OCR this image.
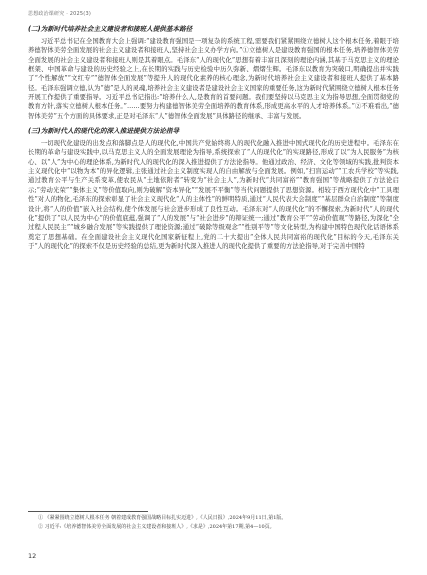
思想政治课研究 · 2025(3)
(二)为新时代培养社会主义建设者和接班人提供基本路径

习近平总书记在全国教育大会上强调:“建设教育强国是一项复杂的系统工程,需要我们紧紧围绕立德树人这个根本任务,着眼于培养德智体美劳全面发展的社会主义建设者和接班人,坚持社会主义办学方向。”①立德树人是建设教育强国的根本任务,培养德智体美劳全面发展的社会主义建设者和接班人则是其着眼点。毛泽东“人的现代化”思想有着丰富且深刻的理论内涵,其基于马克思主义的理论框架、中国革命与建设的历史经验之上,在长期的实践与历史检验中历久弥新、熠熠生辉。毛泽东以教育为突破口,明确提出并实践了“个性解放”“文红专”“德智体全面发展”等提升人的现代化素养的核心理念,为新时代培养社会主义建设者和接班人提供了基本路径。毛泽东强调立德,认为“德”是人的灵魂,培养社会主义建设者是建设社会主义国家的重要任务,这为新时代紧围绕立德树人根本任务开展工作提供了重要指导。习近平总书记指出:“培养什么人,是教育的首要问题。我们要坚持以马克思主义为指导思想,全面贯彻党的教育方针,落实立德树人根本任务。”……要努力构建德智体美劳全面培养的教育体系,形成更高水平的人才培养体系。”②不难看出,“德智体美劳”五个方面的具体要求,正是对毛泽东“人”德智体全面发展”具体路径的继承、丰富与发展。

(三)为新时代人的现代化的深入推进提供方法论指导

一切现代化建设的出发点和落脚点是人的现代化,中国共产党始终将人的现代化融入推进中国式现代化的历史进程中。毛泽东在长期的革命与建设实践中,以马克思主义人的全面发展理论为指导,系统探索了“人的现代化”的实现路径,形成了以“为人民服务”为核心、以“人”为中心的理论体系,为新时代人的现代化的深入推进提供了方法论指导。他通过政治、经济、文化等领域的实践,批判资本主义现代化中“以物为本”的异化逻辑,主张通过社会主义制度实现人的自由解放与全面发展。例如,“扫盲运动”“工农兵学校”等实践,通过教育公平与生产关系变革,使农民从“土地依附者”转变为“社会主人”,为新时代“共同富裕”“教育强国”等战略提供了方法论启示;“劳动光荣”“集体主义”等价值取向,则为破解“资本异化”“发展不平衡”等当代问题提供了思想资源。相较于西方现代化中“工具理性”对人的物化,毛泽东的探索彰显了社会主义现代化“人的主体性”的鲜明特质,通过“人民代表大会制度”“基层群众自治制度”等制度设计,将“人的价值”嵌入社会结构,使个体发展与社会进步形成了良性互动。毛泽东对“人的现代化”的不懈探索,为新时代“人的现代化”提供了“以人民为中心”的价值底蕴,强调了“人的发展”与“社会进步”的辩证统一;通过“教育公平”“劳动价值观”等路径,为深化“全过程人民民主”“城乡融合发展”等实践提供了理论资源;通过“破除等级观念”“性别平等”等文化转型,为构建中国特色现代化话语体系奠定了思想基础。在全面建设社会主义现代化国家新征程上,党的二十大提出“全体人民共同富裕的现代化”目标的今天,毛泽东关于“人的现代化”的探索不仅是历史经验的总结,更为新时代深入推进人的现代化提供了重要的方法论指导,对于完善中国特

① 《紧紧围绕立德树人根本任务 朝着建成教育强国战略目标扎实迈进》,《人民日报》,2024年9月11日,第1版。

② 习近平:《培养德智体美劳全面发展的社会主义建设者和接班人》,《求是》,2024年第17期,第4—10页。

12
